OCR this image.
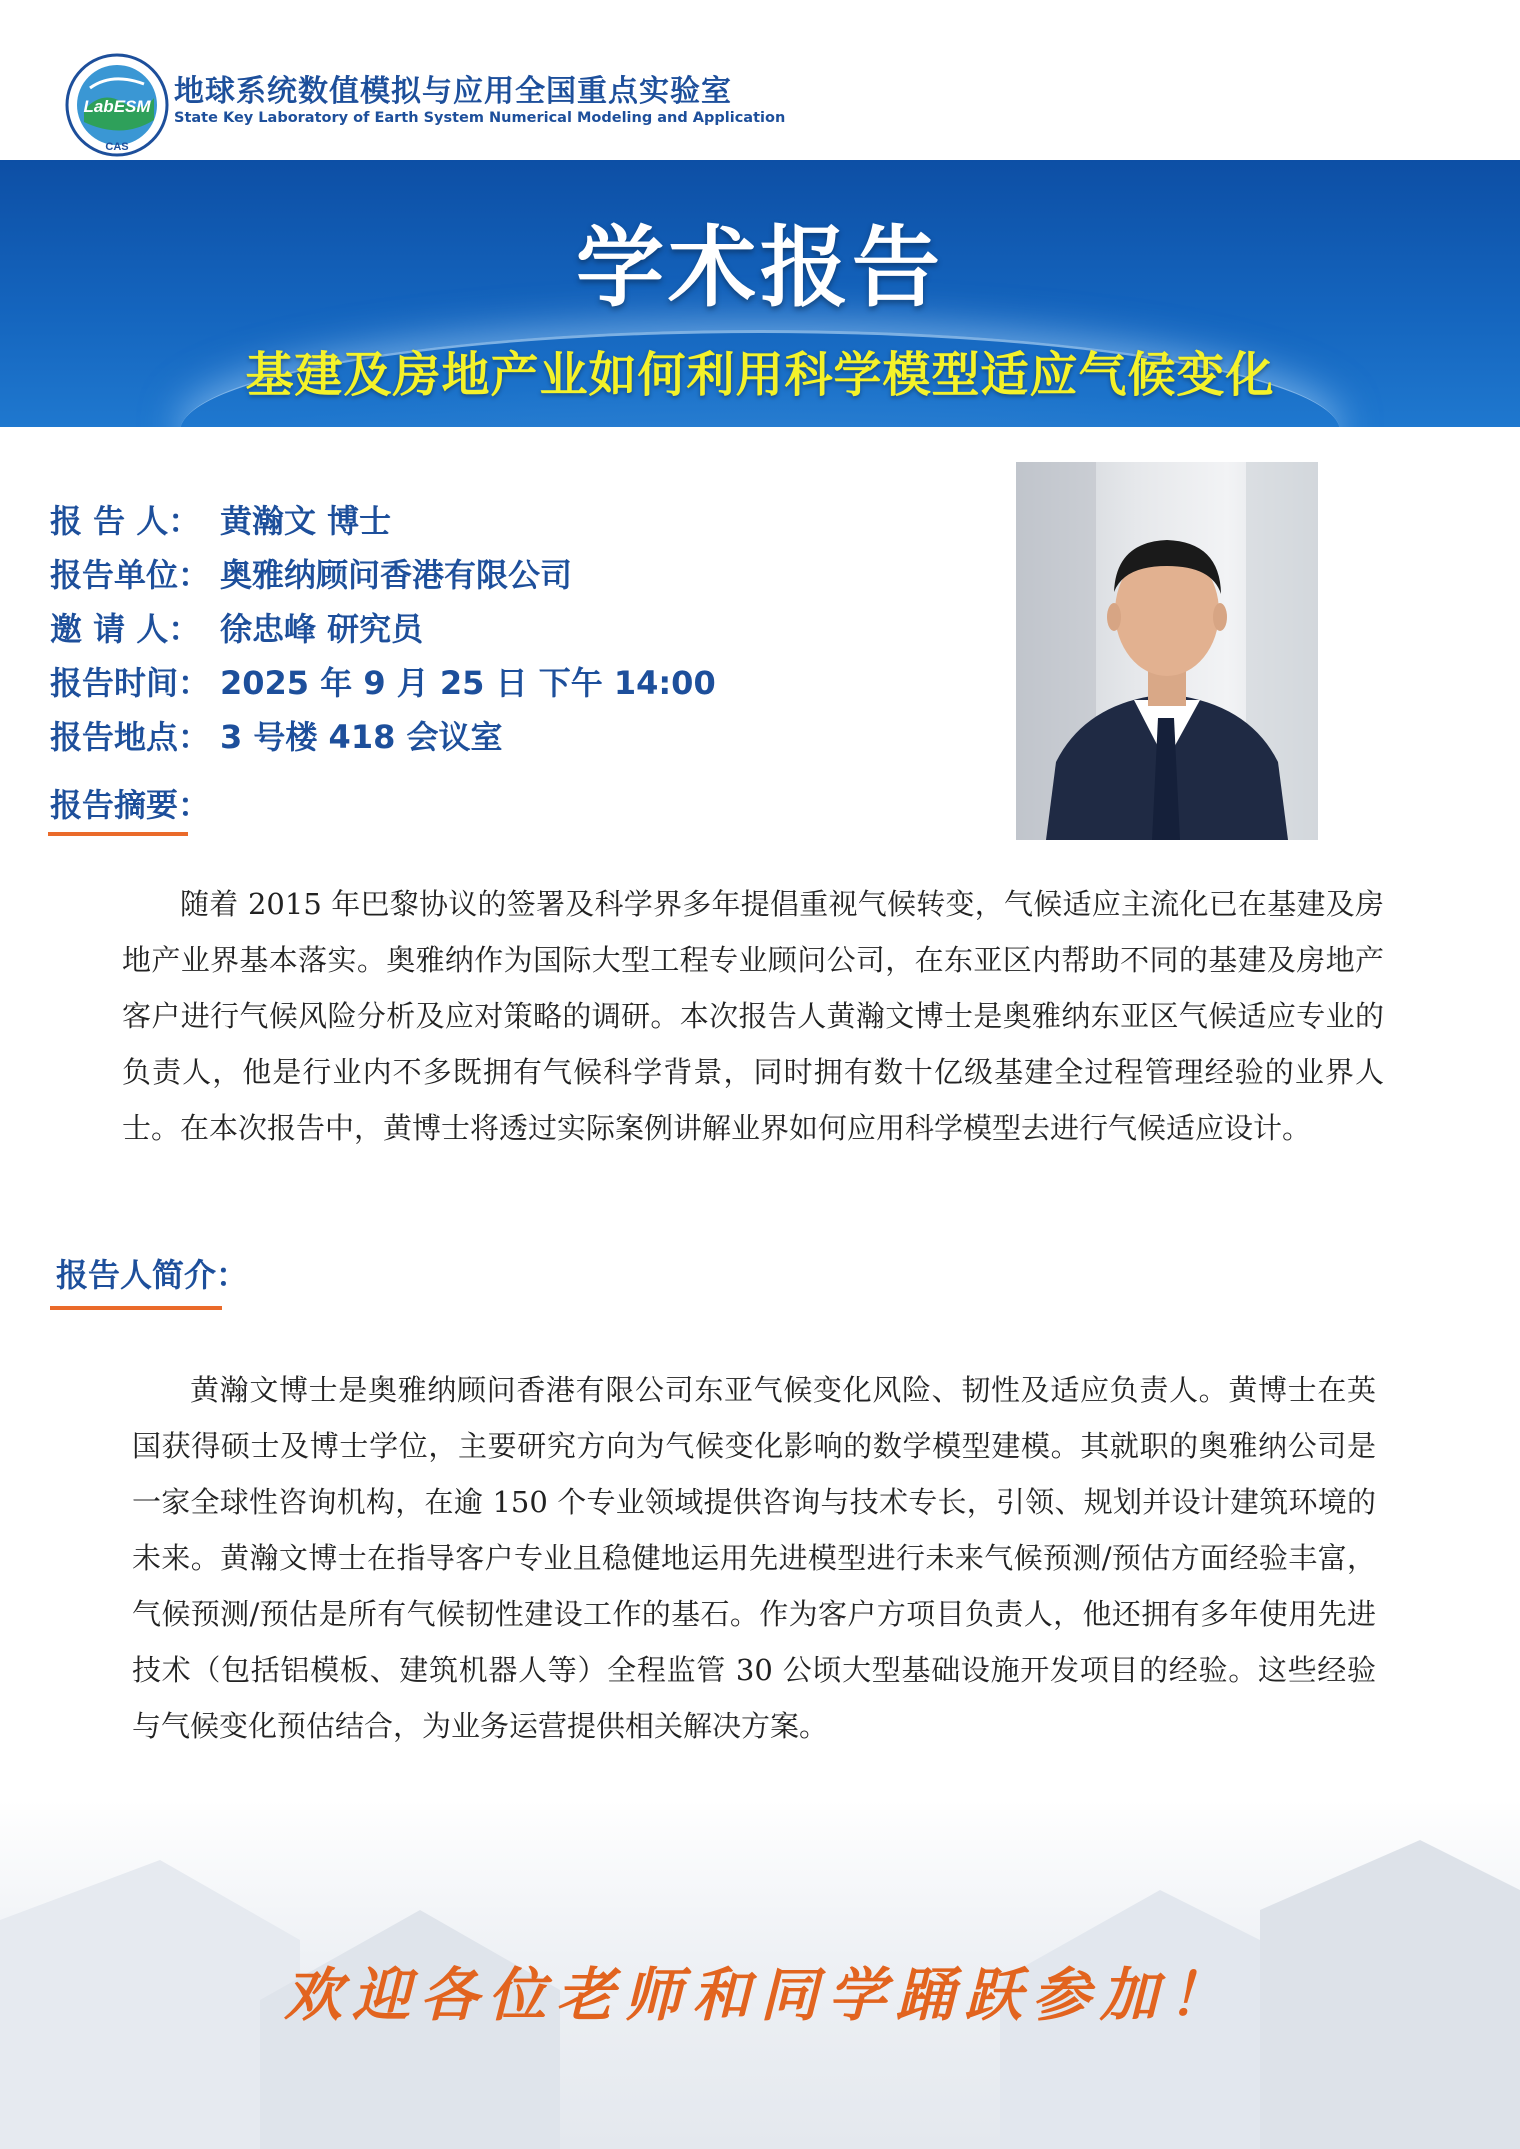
LabESM
CAS
地球系统数值模拟与应用全国重点实验室
State Key Laboratory of Earth System Numerical Modeling and Application
学术报告
基建及房地产业如何利用科学模型适应气候变化
报 告 人： 黄瀚文 博士
报告单位： 奥雅纳顾问香港有限公司
邀 请 人： 徐忠峰 研究员
报告时间： 2025 年 9 月 25 日 下午 14:00
报告地点： 3 号楼 418 会议室
报告摘要：
随着 2015 年巴黎协议的签署及科学界多年提倡重视气候转变，气候适应主流化已在基建及房地产业界基本落实。奥雅纳作为国际大型工程专业顾问公司，在东亚区内帮助不同的基建及房地产客户进行气候风险分析及应对策略的调研。本次报告人黄瀚文博士是奥雅纳东亚区气候适应专业的负责人，他是行业内不多既拥有气候科学背景，同时拥有数十亿级基建全过程管理经验的业界人士。在本次报告中，黄博士将透过实际案例讲解业界如何应用科学模型去进行气候适应设计。
报告人简介：
黄瀚文博士是奥雅纳顾问香港有限公司东亚气候变化风险、韧性及适应负责人。黄博士在英国获得硕士及博士学位，主要研究方向为气候变化影响的数学模型建模。其就职的奥雅纳公司是一家全球性咨询机构，在逾 150 个专业领域提供咨询与技术专长，引领、规划并设计建筑环境的未来。黄瀚文博士在指导客户专业且稳健地运用先进模型进行未来气候预测/预估方面经验丰富，气候预测/预估是所有气候韧性建设工作的基石。作为客户方项目负责人，他还拥有多年使用先进技术（包括铝模板、建筑机器人等）全程监管 30 公顷大型基础设施开发项目的经验。这些经验与气候变化预估结合，为业务运营提供相关解决方案。
欢迎各位老师和同学踊跃参加！
